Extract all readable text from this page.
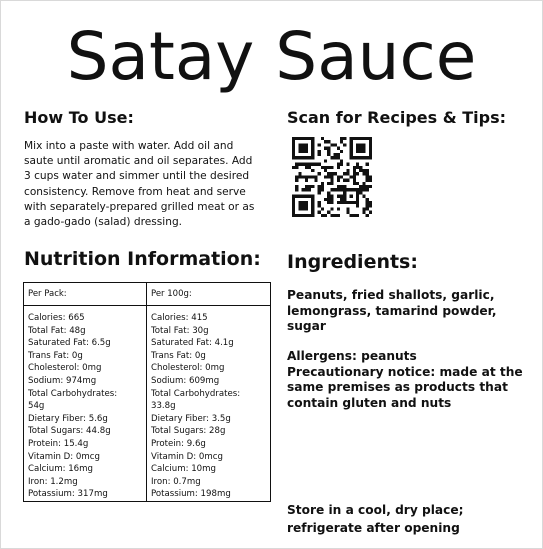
Satay Sauce
How To Use:
Mix into a paste with water. Add oil and saute until aromatic and oil separates. Add 3 cups water and simmer until the desired consistency. Remove from heat and serve with separately-prepared grilled meat or as a gado-gado (salad) dressing.
Nutrition Information:
Per Pack:
Calories: 665
Total Fat: 48g
Saturated Fat: 6.5g
Trans Fat: 0g
Cholesterol: 0mg
Sodium: 974mg
Total Carbohydrates:
54g
Dietary Fiber: 5.6g
Total Sugars: 44.8g
Protein: 15.4g
Vitamin D: 0mcg
Calcium: 16mg
Iron: 1.2mg
Potassium: 317mg
Per 100g:
Calories: 415
Total Fat: 30g
Saturated Fat: 4.1g
Trans Fat: 0g
Cholesterol: 0mg
Sodium: 609mg
Total Carbohydrates:
33.8g
Dietary Fiber: 3.5g
Total Sugars: 28g
Protein: 9.6g
Vitamin D: 0mcg
Calcium: 10mg
Iron: 0.7mg
Potassium: 198mg
Scan for Recipes & Tips:
Ingredients:
Peanuts, fried shallots, garlic, lemongrass, tamarind powder, sugar
Allergens: peanuts
Precautionary notice: made at the same premises as products that contain gluten and nuts
Store in a cool, dry place; refrigerate after opening
